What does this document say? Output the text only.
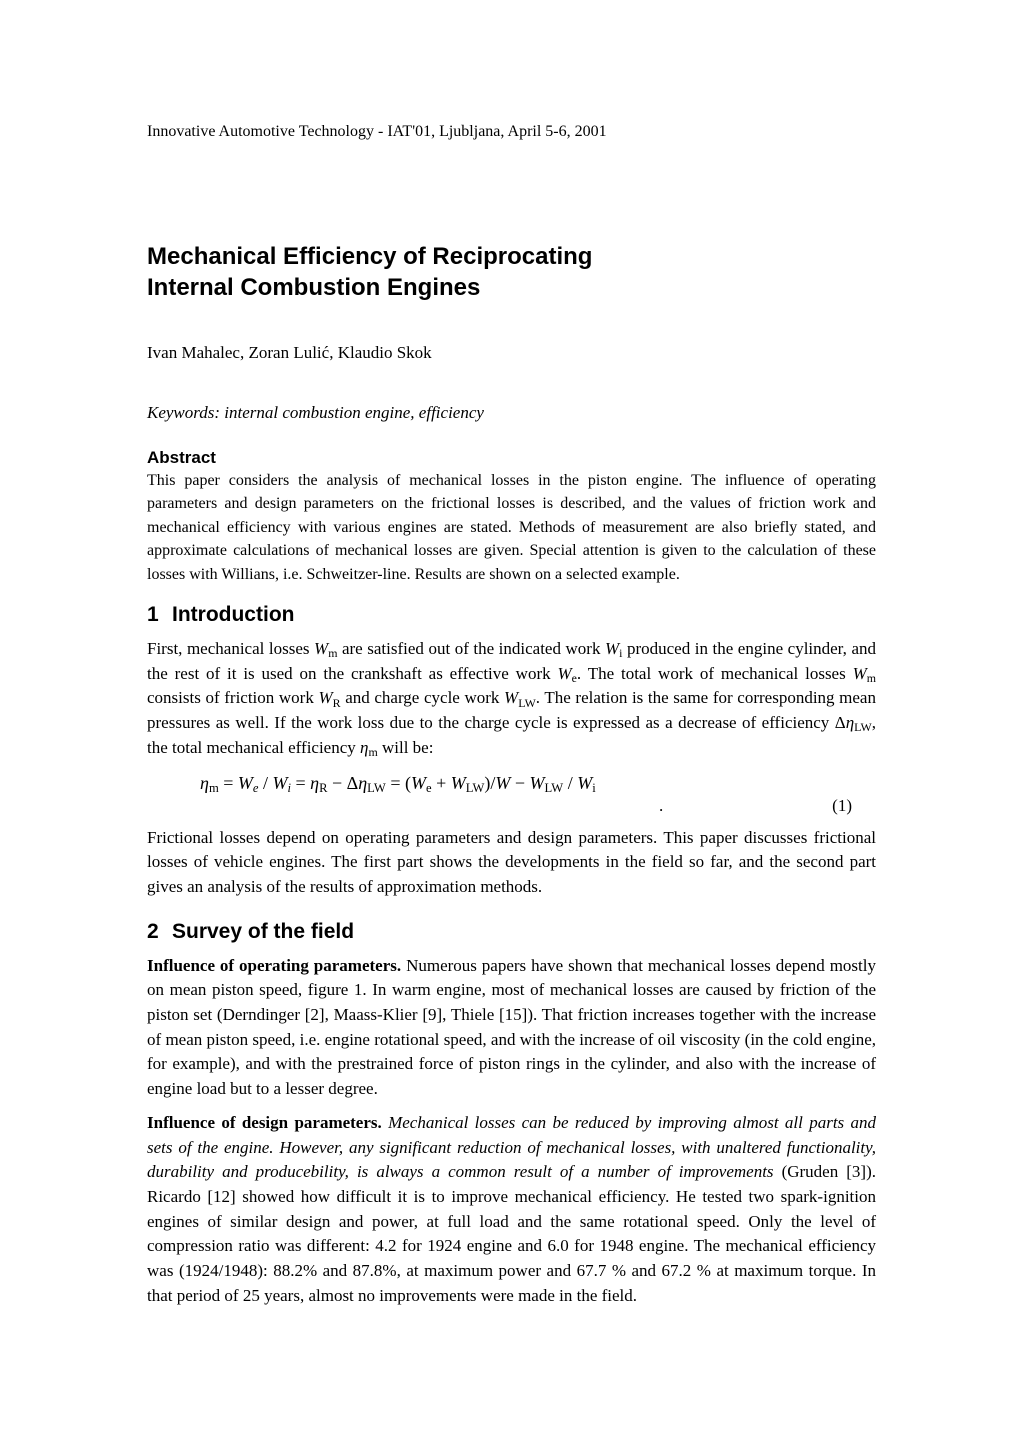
Innovative Automotive Technology - IAT'01, Ljubljana, April 5-6, 2001
Mechanical Efficiency of Reciprocating
Internal Combustion Engines
Ivan Mahalec, Zoran Lulić, Klaudio Skok
Keywords: internal combustion engine, efficiency
Abstract

This paper considers the analysis of mechanical losses in the piston engine. The influence of operating parameters and design parameters on the frictional losses is described, and the values of friction work and mechanical efficiency with various engines are stated. Methods of measurement are also briefly stated, and approximate calculations of mechanical losses are given. Special attention is given to the calculation of these losses with Willians, i.e. Schweitzer-line. Results are shown on a selected example.

1 Introduction

First, mechanical losses Wm are satisfied out of the indicated work Wi produced in the engine cylinder, and the rest of it is used on the crankshaft as effective work We. The total work of mechanical losses Wm consists of friction work WR and charge cycle work WLW. The relation is the same for corresponding mean pressures as well. If the work loss due to the charge cycle is expressed as a decrease of efficiency ΔηLW, the total mechanical efficiency ηm will be:

ηm = We / Wi = ηR − ΔηLW = (We + WLW)/W − WLW / Wi
.	(1)

Frictional losses depend on operating parameters and design parameters. This paper discusses frictional losses of vehicle engines. The first part shows the developments in the field so far, and the second part gives an analysis of the results of approximation methods.

2 Survey of the field

Influence of operating parameters. Numerous papers have shown that mechanical losses depend mostly on mean piston speed, figure 1. In warm engine, most of mechanical losses are caused by friction of the piston set (Derndinger [2], Maass-Klier [9], Thiele [15]). That friction increases together with the increase of mean piston speed, i.e. engine rotational speed, and with the increase of oil viscosity (in the cold engine, for example), and with the prestrained force of piston rings in the cylinder, and also with the increase of engine load but to a lesser degree.

Influence of design parameters. Mechanical losses can be reduced by improving almost all parts and sets of the engine. However, any significant reduction of mechanical losses, with unaltered functionality, durability and producebility, is always a common result of a number of improvements (Gruden [3]). Ricardo [12] showed how difficult it is to improve mechanical efficiency. He tested two spark-ignition engines of similar design and power, at full load and the same rotational speed. Only the level of compression ratio was different: 4.2 for 1924 engine and 6.0 for 1948 engine. The mechanical efficiency was (1924/1948): 88.2% and 87.8%, at maximum power and 67.7 % and 67.2 % at maximum torque. In that period of 25 years, almost no improvements were made in the field.
